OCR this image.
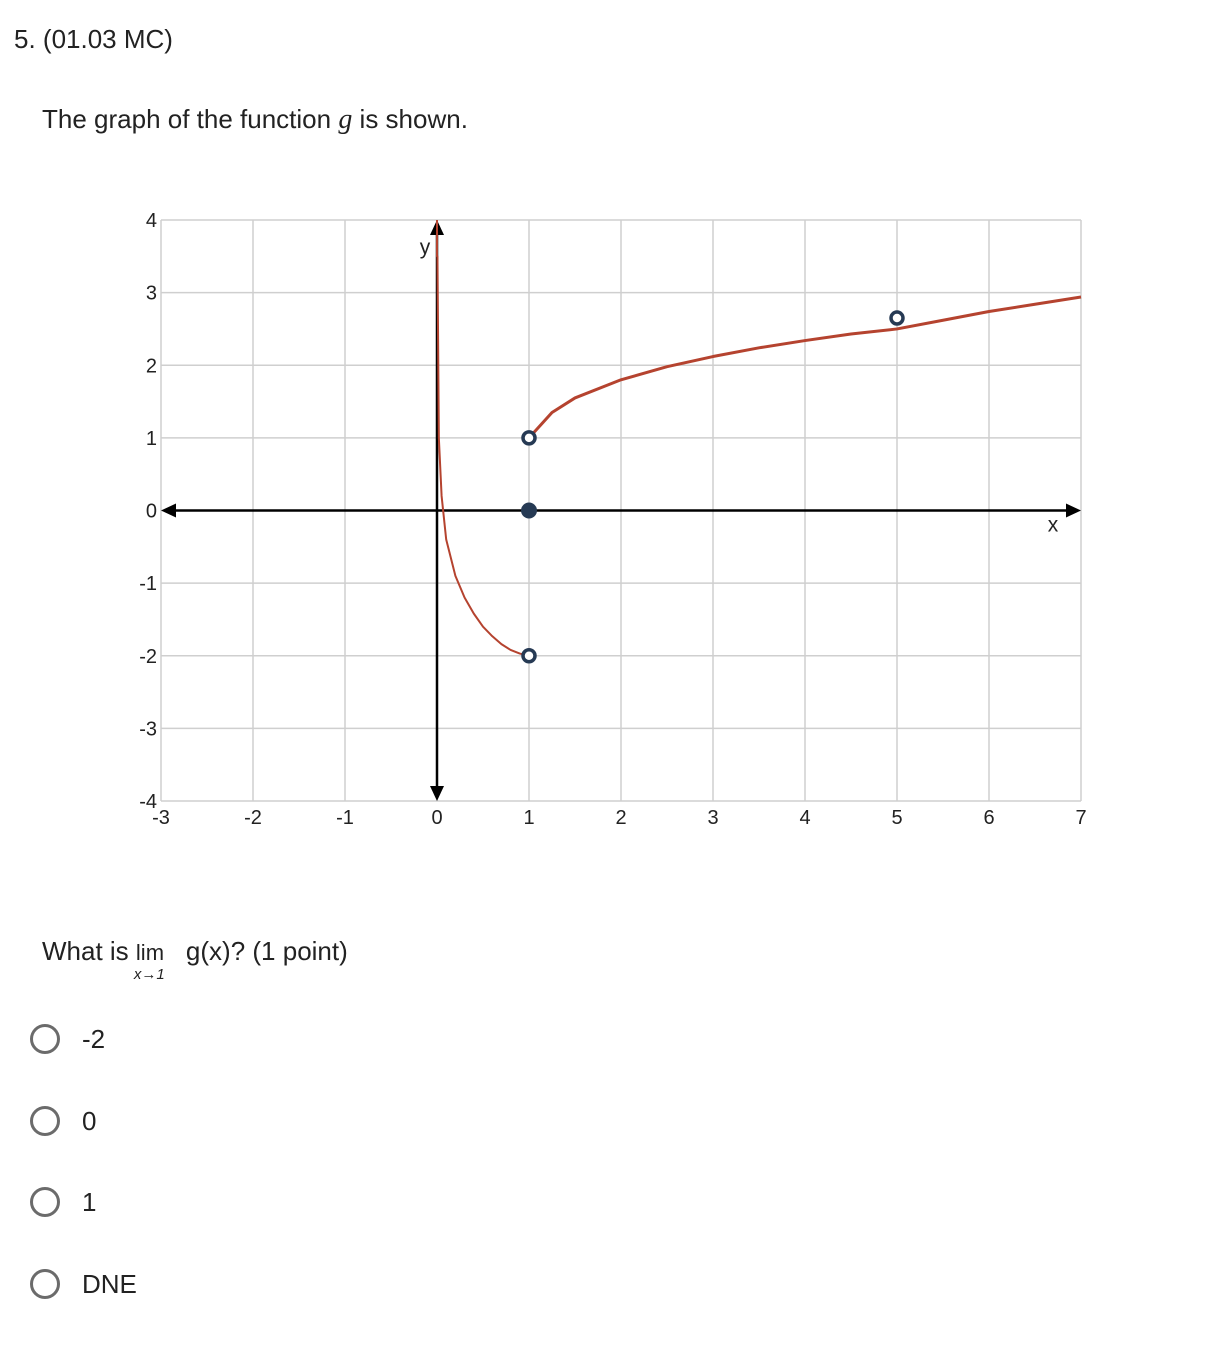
5. (01.03 MC)
The graph of the function g is shown.
-3	-2	-1	0	1	2	3	4	5	6	7
4
3
2
1
0
-1
-2
-3
-4
x
y
What is lim
x→1
g(x)? (1 point)
-2
0
1
DNE
